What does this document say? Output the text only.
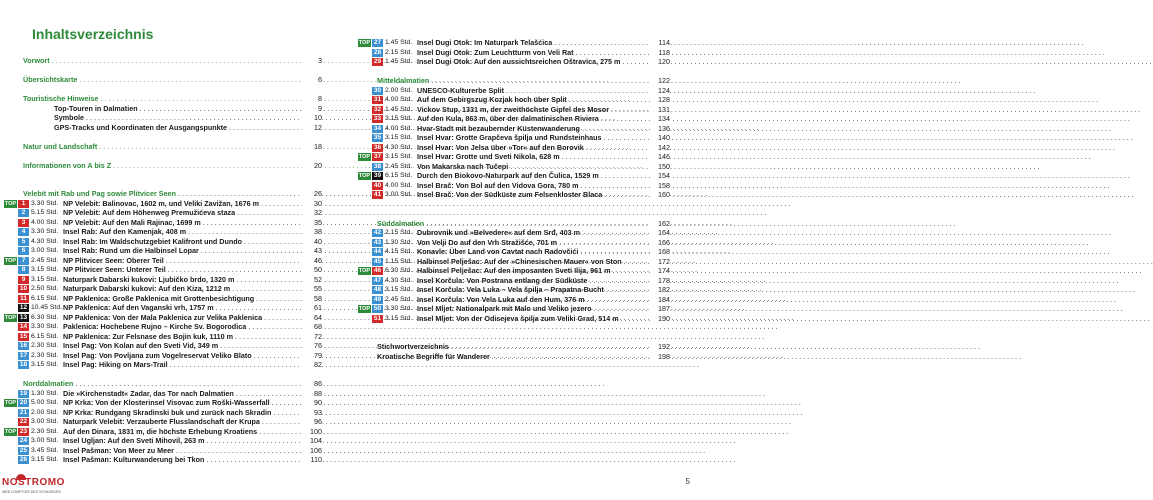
Inhaltsverzeichnis
Vorwort . . .	3
Übersichtskarte . . .	6
Touristische Hinweise . . .	8
Top-Touren in Dalmatien . . .	9
Symbole . . .	10
GPS-Tracks und Koordinaten der Ausgangspunkte . . .	12
Natur und Landschaft . . .	18
Informationen von A bis Z . . .	20
Velebit mit Rab und Pag sowie Plitvicer Seen . . .	26
TOP 1 3.30 Std. NP Velebit: Balinovac, 1602 m, und Veliki Zavižan, 1676 m . . .	30
2 5.15 Std. NP Velebit: Auf dem Höhenweg Premužićeva staza . . .	32
3 4.00 Std. NP Velebit: Auf den Mali Rajinac, 1699 m . . .	35
4 3.30 Std. Insel Rab: Auf den Kamenjak, 408 m . . .	38
5 4.30 Std. Insel Rab: Im Waldschutzgebiet Kalifront und Dundo . . .	40
6 3.00 Std. Insel Rab: Rund um die Halbinsel Lopar . . .	43
TOP 7 2.45 Std. NP Plitvicer Seen: Oberer Teil . . .	46
8 3.15 Std. NP Plitvicer Seen: Unterer Teil . . .	50
9 3.15 Std. Naturpark Dabarski kukovi: Ljubičko brdo, 1320 m . . .	52
10 2.50 Std. Naturpark Dabarski kukovi: Auf den Kiza, 1212 m . . .	55
11 6.15 Std. NP Paklenica: Große Paklenica mit Grottenbesichtigung . . .	58
12 10.45 Std. NP Paklenica: Auf den Vaganski vrh, 1757 m . . .	61
TOP 13 6.30 Std. NP Paklenica: Von der Mala Paklenica zur Velika Paklenica . . .	64
14 3.30 Std. Paklenica: Hochebene Rujno – Kirche Sv. Bogorodica . . .	68
15 6.15 Std. NP Paklenica: Zur Felsnase des Bojin kuk, 1110 m . . .	72
16 2.30 Std. Insel Pag: Von Kolan auf den Sveti Vid, 349 m . . .	76
17 2.30 Std. Insel Pag: Von Povljana zum Vogelreservat Veliko Blato . . .	79
18 3.15 Std. Insel Pag: Hiking on Mars-Trail . . .	82
Norddalmatien . . .	86
19 1.30 Std. Die »Kirchenstadt« Zadar, das Tor nach Dalmatien . . .	88
TOP 20 5.00 Std. NP Krka: Von der Klosterinsel Visovac zum Roški-Wasserfall . . .	90
21 2.00 Std. NP Krka: Rundgang Skradinski buk und zurück nach Skradin . . .	93
22 3.00 Std. Naturpark Velebit: Verzauberte Flusslandschaft der Krupa . . .	96
TOP 23 2.30 Std. Auf den Dinara, 1831 m, die höchste Erhebung Kroatiens . . .	100
24 3.00 Std. Insel Ugljan: Auf den Sveti Mihovil, 263 m . . .	104
25 3.45 Std. Insel Pašman: Von Meer zu Meer . . .	106
26 3.15 Std. Insel Pašman: Kulturwanderung bei Tkon . . .	110
TOP 27 1.45 Std. Insel Dugi Otok: Im Naturpark Telašćica . . .	114
28 2.15 Std. Insel Dugi Otok: Zum Leuchtturm von Veli Rat . . .	118
29 1.45 Std. Insel Dugi Otok: Auf den aussichtsreichen Oštravica, 275 m . . .	120
Mitteldalmatien . . .	122
30 2.00 Std. UNESCO-Kulturerbe Split . . .	124
31 4.00 Std. Auf dem Gebirgszug Kozjak hoch über Split . . .	128
32 1.45 Std. Vickov Stup, 1331 m, der zweithöchste Gipfel des Mosor . . .	131
33 3.15 Std. Auf den Kula, 863 m, über der dalmatinischen Riviera . . .	134
34 4.00 Std. Hvar-Stadt mit bezaubernder Küstenwanderung . . .	136
35 3.15 Std. Insel Hvar: Grotte Grapčeva špilja und Rundsteinhaus . . .	140
36 4.30 Std. Insel Hvar: Von Jelsa über »Tor« auf den Borovik . . .	142
TOP 37 3.15 Std. Insel Hvar: Grotte und Sveti Nikola, 628 m . . .	146
38 2.45 Std. Von Makarska nach Tučepi . . .	150
TOP 39 6.15 Std. Durch den Biokovo-Naturpark auf den Čulica, 1529 m . . .	154
40 4.00 Std. Insel Brač: Von Bol auf den Vidova Gora, 780 m . . .	158
41 3.00 Std. Insel Brač: Von der Südküste zum Felsenkloster Blaca . . .	160
Süddalmatien . . .	162
42 2.15 Std. Dubrovnik und »Belvedere« auf dem Srđ, 403 m . . .	164
43 1.30 Std. Von Velji Do auf den Vrh Stražišće, 701 m . . .	166
44 4.15 Std. Konavle: Über Land von Cavtat nach Radovčići . . .	168
45 1.15 Std. Halbinsel Pelješac: Auf der »Chinesischen Mauer« von Ston . . .	172
TOP 46 6.30 Std. Halbinsel Pelješac: Auf den imposanten Sveti Ilija, 961 m . . .	174
47 4.30 Std. Insel Korčula: Von Postrana entlang der Südküste . . .	178
48 3.15 Std. Insel Korčula: Vela Luka – Vela špilja – Prapatna-Bucht . . .	182
49 2.45 Std. Insel Korčula: Von Vela Luka auf den Hum, 376 m . . .	184
TOP 50 3.30 Std. Insel Mljet: Nationalpark mit Malo und Veliko jezero . . .	187
51 3.15 Std. Insel Mljet: Von der Odisejeva špilja zum Veliki Grad, 514 m . . .	190
Stichwortverzeichnis . . .	192
Kroatische Begriffe für Wanderer . . .	198
NOSTROMO
WEB COMPTOIR DES VOYAGEURS
5
